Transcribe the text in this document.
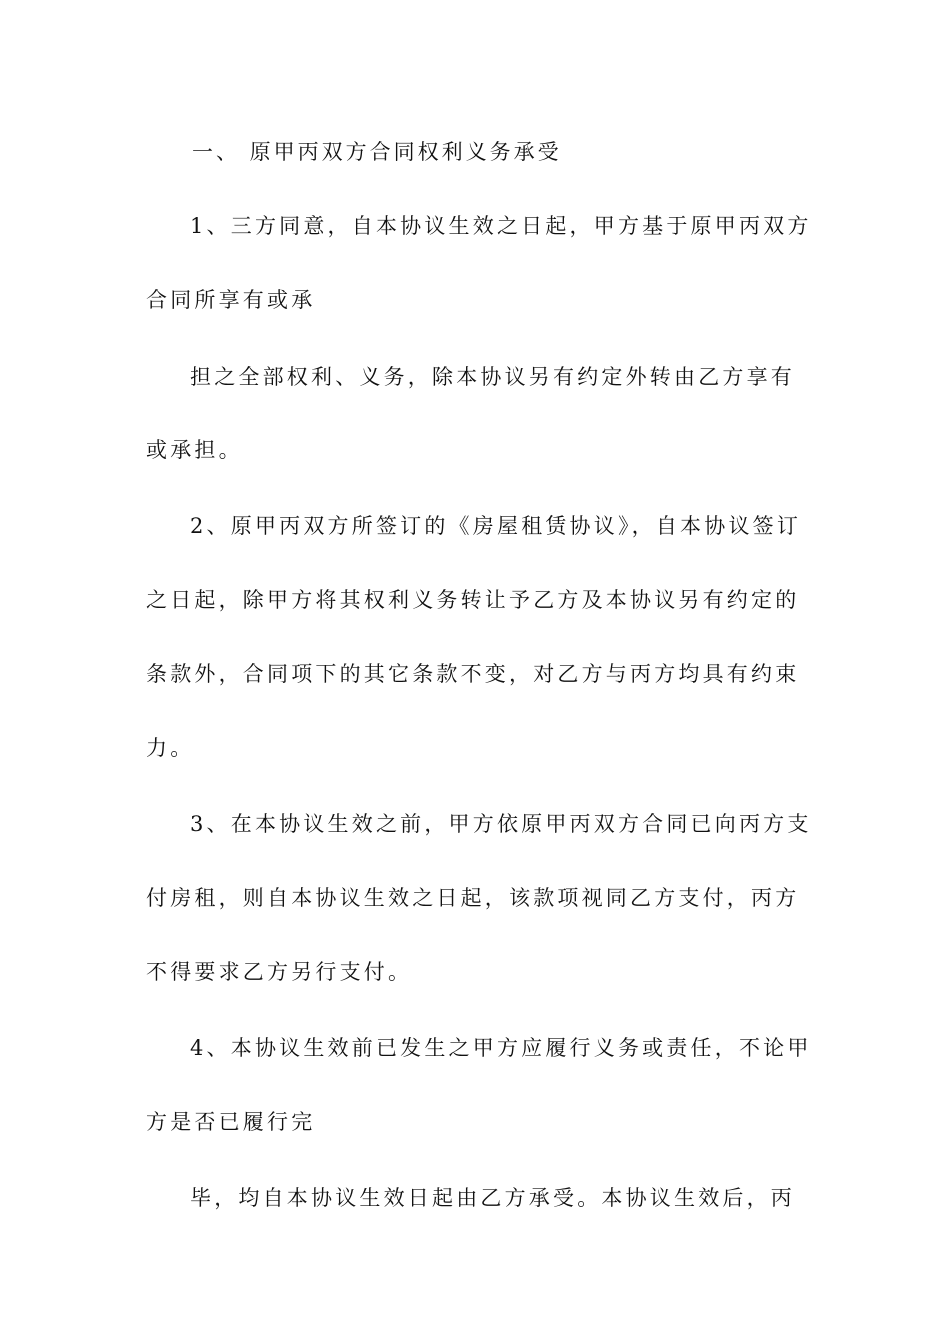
一、 原甲丙双方合同权利义务承受
1、三方同意，自本协议生效之日起，甲方基于原甲丙双方
合同所享有或承
担之全部权利、义务，除本协议另有约定外转由乙方享有
或承担。
2、原甲丙双方所签订的《房屋租赁协议》，自本协议签订
之日起，除甲方将其权利义务转让予乙方及本协议另有约定的
条款外，合同项下的其它条款不变，对乙方与丙方均具有约束
力。
3、在本协议生效之前，甲方依原甲丙双方合同已向丙方支
付房租，则自本协议生效之日起，该款项视同乙方支付，丙方
不得要求乙方另行支付。
4、本协议生效前已发生之甲方应履行义务或责任，不论甲
方是否已履行完
毕，均自本协议生效日起由乙方承受。本协议生效后，丙
